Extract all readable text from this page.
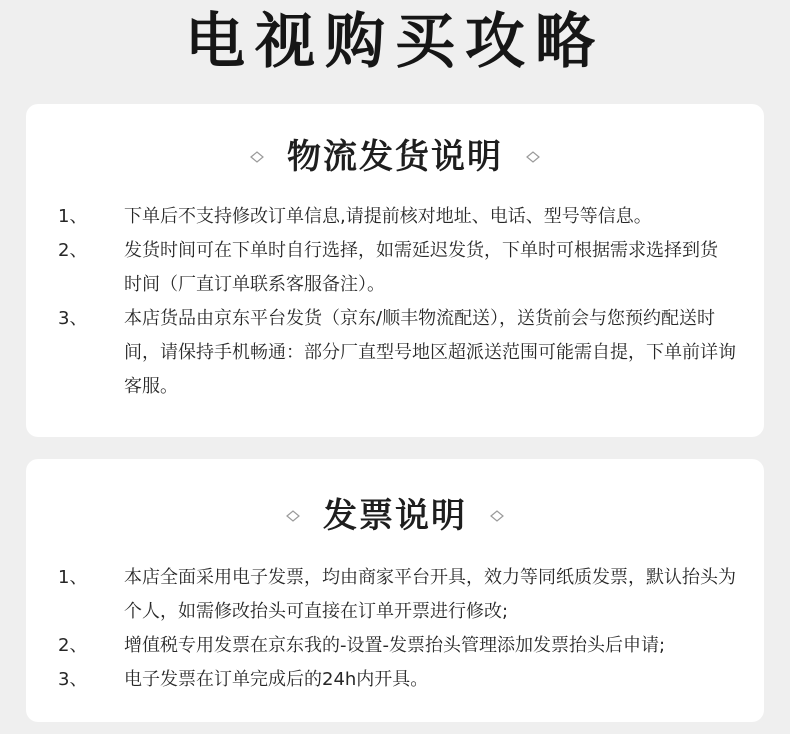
电视购买攻略
物流发货说明
1、	下单后不支持修改订单信息,请提前核对地址、电话、型号等信息。
2、	发货时间可在下单时自行选择，如需延迟发货，下单时可根据需求选择到货时间（厂直订单联系客服备注）。
3、	本店货品由京东平台发货（京东/顺丰物流配送），送货前会与您预约配送时间，请保持手机畅通：部分厂直型号地区超派送范围可能需自提，下单前详询客服。
发票说明
1、	本店全面采用电子发票，均由商家平台开具，效力等同纸质发票，默认抬头为个人，如需修改抬头可直接在订单开票进行修改;
2、	增值税专用发票在京东我的-设置-发票抬头管理添加发票抬头后申请;
3、	电子发票在订单完成后的24h内开具。
